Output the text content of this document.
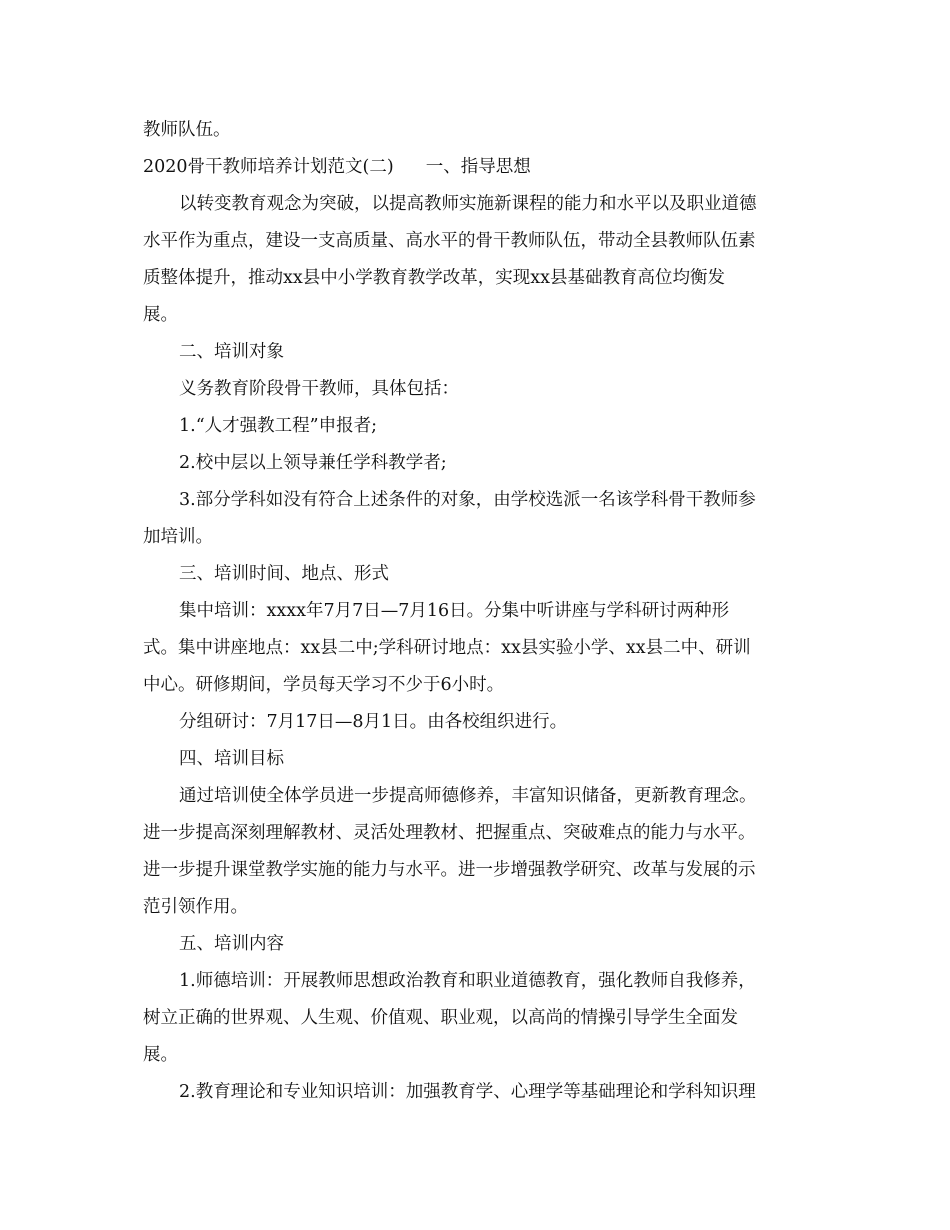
教师队伍。

2020骨干教师培养计划范文(二) 一、指导思想

以转变教育观念为突破，以提高教师实施新课程的能力和水平以及职业道德

水平作为重点，建设一支高质量、高水平的骨干教师队伍，带动全县教师队伍素

质整体提升，推动xx县中小学教育教学改革，实现xx县基础教育高位均衡发

展。

二、培训对象

义务教育阶段骨干教师，具体包括：

1.“人才强教工程”申报者;

2.校中层以上领导兼任学科教学者;

3.部分学科如没有符合上述条件的对象，由学校选派一名该学科骨干教师参

加培训。

三、培训时间、地点、形式

集中培训：xxxx年7月7日—7月16日。分集中听讲座与学科研讨两种形

式。集中讲座地点：xx县二中;学科研讨地点：xx县实验小学、xx县二中、研训

中心。研修期间，学员每天学习不少于6小时。

分组研讨：7月17日—8月1日。由各校组织进行。

四、培训目标

通过培训使全体学员进一步提高师德修养，丰富知识储备，更新教育理念。

进一步提高深刻理解教材、灵活处理教材、把握重点、突破难点的能力与水平。

进一步提升课堂教学实施的能力与水平。进一步增强教学研究、改革与发展的示

范引领作用。

五、培训内容

1.师德培训：开展教师思想政治教育和职业道德教育，强化教师自我修养，

树立正确的世界观、人生观、价值观、职业观，以高尚的情操引导学生全面发

展。

2.教育理论和专业知识培训：加强教育学、心理学等基础理论和学科知识理
